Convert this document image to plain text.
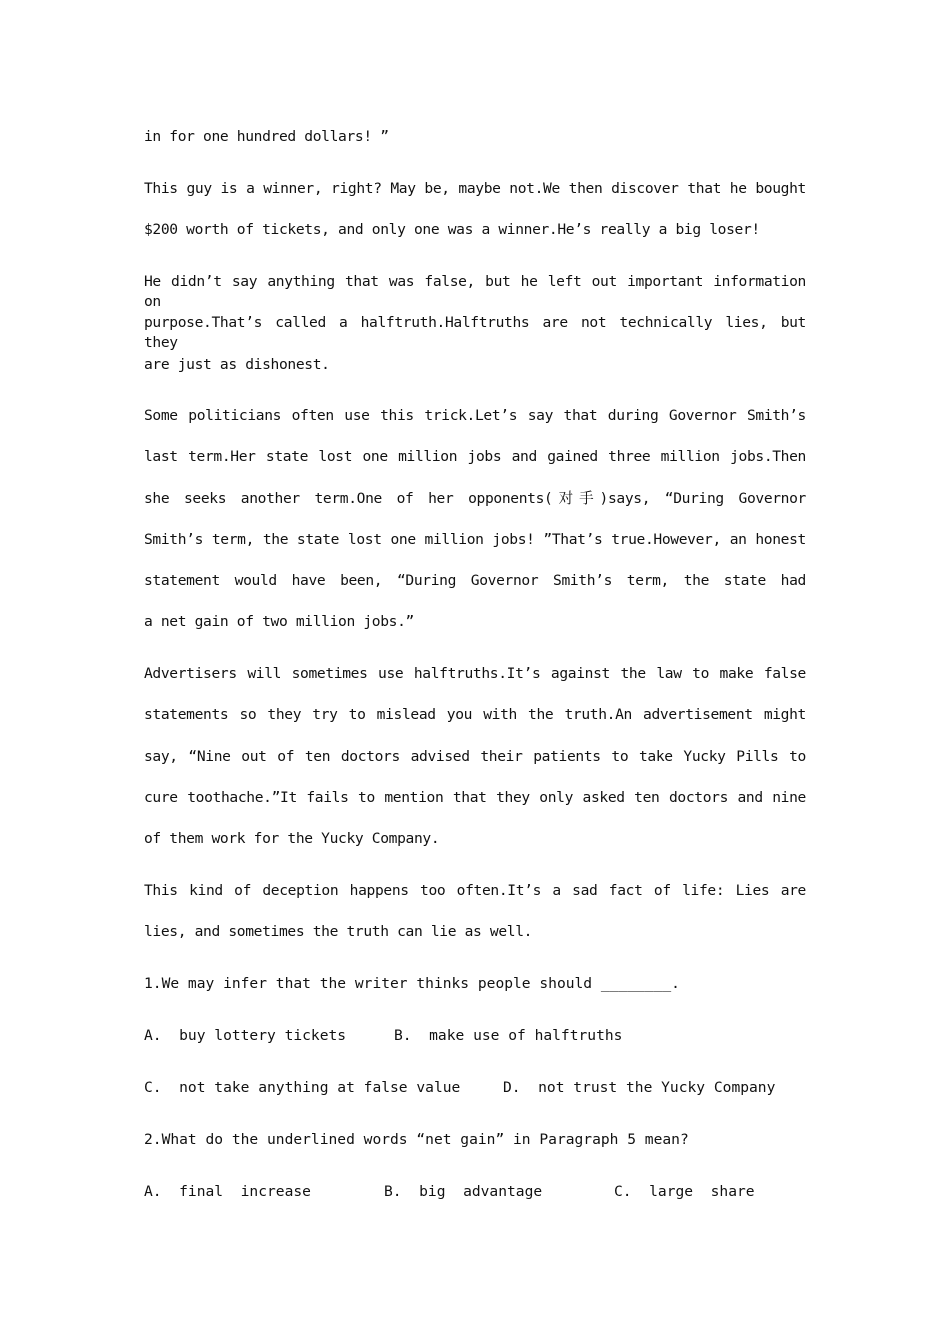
in for one hundred dollars! ”
This guy is a winner, right? May be, maybe not.We then discover that he bought
$200 worth of tickets, and only one was a winner.He’s really a big loser!
He didn’t say anything that was false, but he left out important information on
purpose.That’s called a halftruth.Halftruths are not technically lies, but they
are just as dishonest.
Some politicians often use this trick.Let’s say that during Governor Smith’s
last term.Her state lost one million jobs and gained three million jobs.Then
she seeks another term.One of her opponents(对手)says, “During Governor
Smith’s term, the state lost one million jobs! ”That’s true.However, an honest
statement would have been, “During Governor Smith’s term, the state had
a net gain of two million jobs.”
Advertisers will sometimes use halftruths.It’s against the law to make false
statements so they try to mislead you with the truth.An advertisement might
say, “Nine out of ten doctors advised their patients to take Yucky Pills to
cure toothache.”It fails to mention that they only asked ten doctors and nine
of them work for the Yucky Company.
This kind of deception happens too often.It’s a sad fact of life: Lies are
lies, and sometimes the truth can lie as well.
1.We may infer that the writer thinks people should ________.

A.  buy lottery tickets

	B.  make use of halftruths

C.  not take anything at false value

	D.  not trust the Yucky Company

2.What do the underlined words “net gain” in Paragraph 5 mean?

A.  final  increase

	B.  big  advantage

	C.  large  share
